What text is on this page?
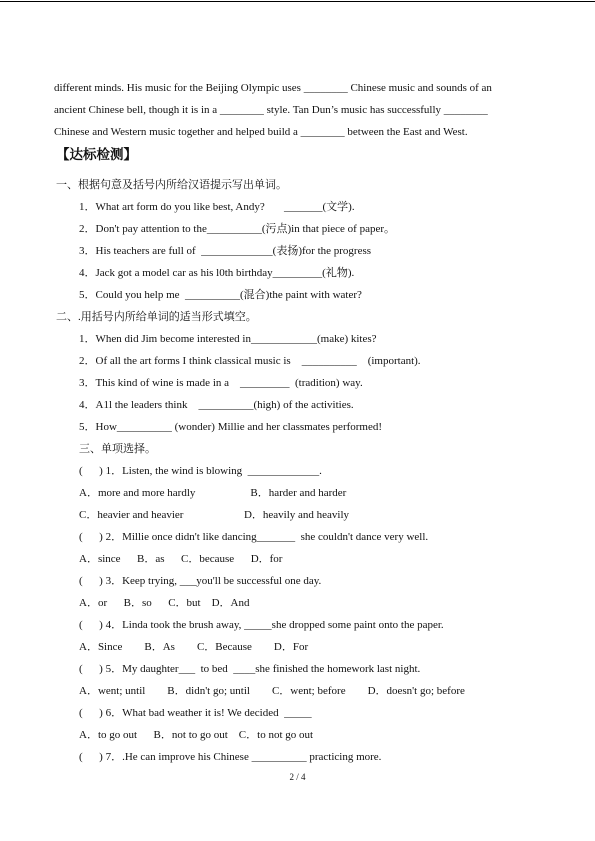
different minds. His music for the Beijing Olympic uses ________ Chinese music and sounds of an
ancient Chinese bell, though it is in a ________ style. Tan Dun’s music has successfully ________
Chinese and Western music together and helped build a ________ between the East and West.
【达标检测】
一、根据句意及括号内所给汉语提示写出单词。
1．What art form do you like best, Andy?       _______(文学).
2．Don't pay attention to the__________(污点)in that piece of paper。
3．His teachers are full of  _____________(表扬)for the progress
4．Jack got a model car as his l0th birthday_________(礼物).
5．Could you help me  __________(混合)the paint with water?
二、.用括号内所给单词的适当形式填空。
1．When did Jim become interested in____________(make) kites?
2．Of all the art forms I think classical music is    __________    (important).
3．This kind of wine is made in a    _________  (tradition) way.
4．A1l the leaders think    __________(high) of the activities.
5．How__________ (wonder) Millie and her classmates performed!
三、单项选择。
(      ) 1．Listen, the wind is blowing  _____________.
A．more and more hardly                    B．harder and harder
C．heavier and heavier                      D．heavily and heavily
(      ) 2．Millie once didn't like dancing_______  she couldn't dance very well.
A．since      B．as      C．because      D．for
(      ) 3．Keep trying, ___you'll be successful one day.
A．or      B．so      C．but    D．And
(      ) 4．Linda took the brush away, _____she dropped some paint onto the paper.
A．Since        B．As        C．Because        D．For
(      ) 5．My daughter___  to bed  ____she finished the homework last night.
A．went; until        B．didn't go; until        C．went; before        D．doesn't go; before
(      ) 6．What bad weather it is! We decided  _____
A．to go out      B．not to go out    C．to not go out
(      ) 7．.He can improve his Chinese __________ practicing more.
2 / 4
